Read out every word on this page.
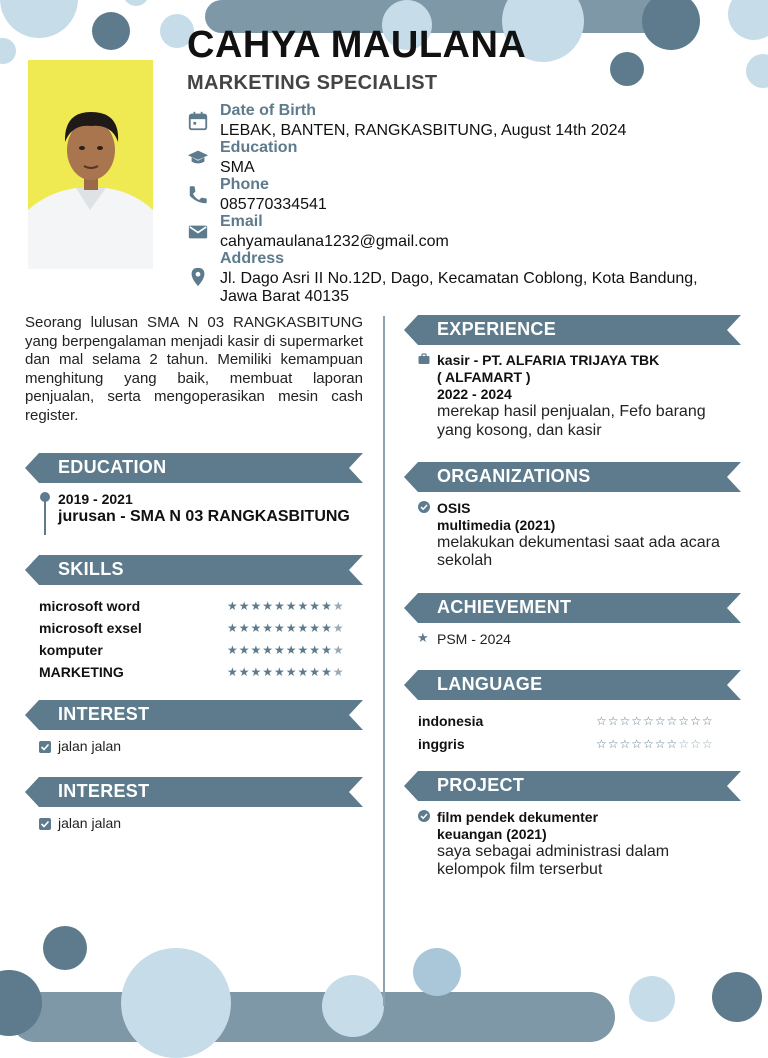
CAHYA MAULANA
MARKETING SPECIALIST
Date of Birth
LEBAK, BANTEN, RANGKASBITUNG, August 14th 2024
Education
SMA
Phone
085770334541
Email
cahyamaulana1232@gmail.com
Address
Jl. Dago Asri II No.12D, Dago, Kecamatan Coblong, Kota Bandung,
Jawa Barat 40135
Seorang lulusan SMA N 03 RANGKASBITUNG yang berpengalaman menjadi kasir di supermarket dan mal selama 2 tahun. Memiliki kemampuan menghitung yang baik, membuat laporan penjualan, serta mengoperasikan mesin cash register.
EDUCATION
2019 - 2021
jurusan - SMA N 03 RANGKASBITUNG
SKILLS
microsoft word	★★★★★★★★★★
microsoft exsel	★★★★★★★★★★
komputer	★★★★★★★★★★
MARKETING	★★★★★★★★★★
INTEREST
jalan jalan
INTEREST
jalan jalan
EXPERIENCE
kasir - PT. ALFARIA TRIJAYA TBK
( ALFAMART )
2022 - 2024
merekap hasil penjualan, Fefo barang
yang kosong, dan kasir
ORGANIZATIONS
OSIS
multimedia (2021)
melakukan dekumentasi saat ada acara
sekolah
ACHIEVEMENT
★ PSM - 2024
LANGUAGE
indonesia	☆☆☆☆☆☆☆☆☆☆
inggris	☆☆☆☆☆☆☆☆☆☆
PROJECT
film pendek dekumenter
keuangan (2021)
saya sebagai administrasi dalam
kelompok film terserbut
